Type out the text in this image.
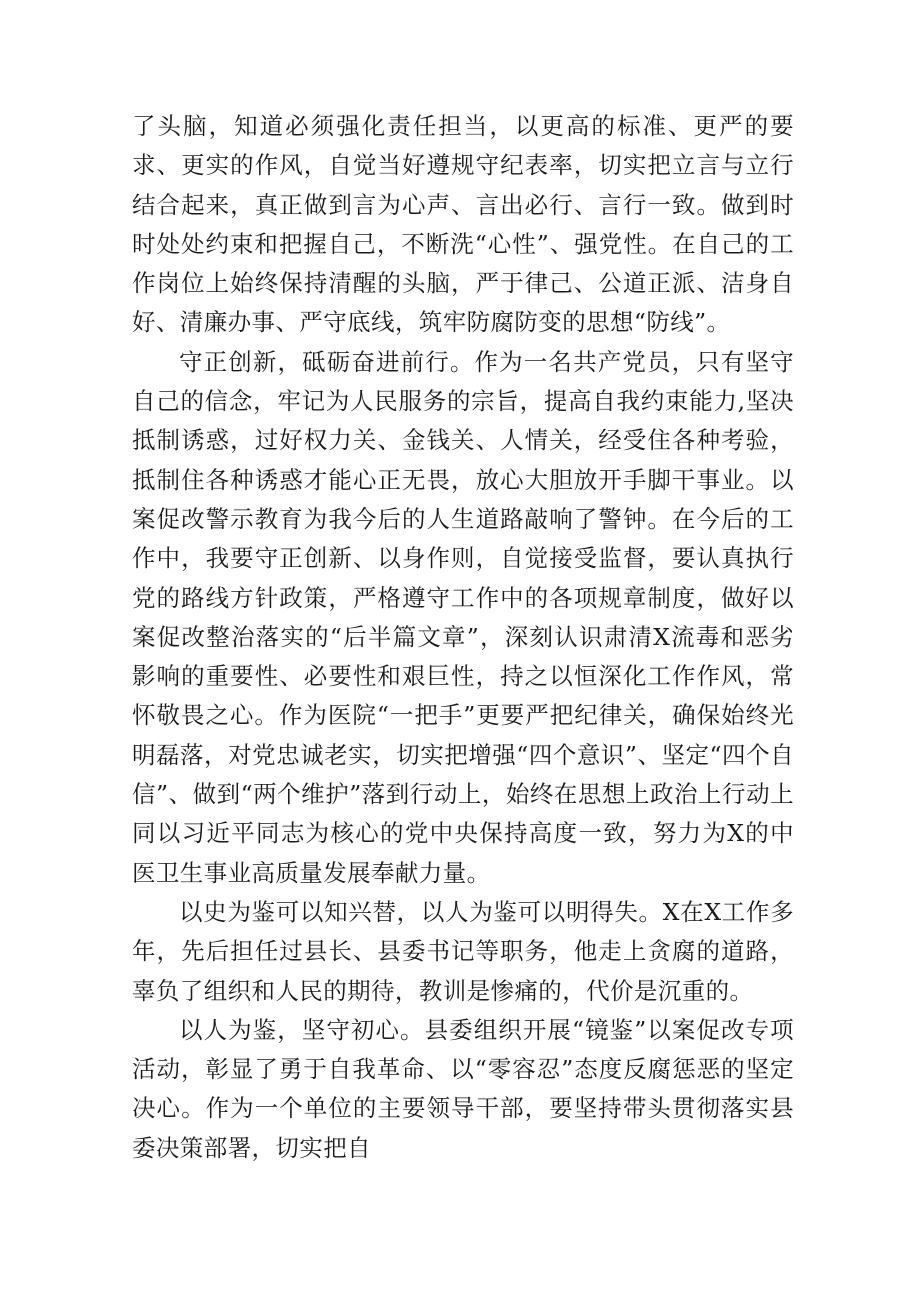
了头脑，知道必须强化责任担当，以更高的标准、更严的要求、更实的作风，自觉当好遵规守纪表率，切实把立言与立行结合起来，真正做到言为心声、言出必行、言行一致。做到时时处处约束和把握自己，不断洗“心性”、强党性。在自己的工作岗位上始终保持清醒的头脑，严于律己、公道正派、洁身自好、清廉办事、严守底线，筑牢防腐防变的思想“防线”。

守正创新，砥砺奋进前行。作为一名共产党员，只有坚守自己的信念，牢记为人民服务的宗旨，提高自我约束能力,坚决抵制诱惑，过好权力关、金钱关、人情关，经受住各种考验，抵制住各种诱惑才能心正无畏，放心大胆放开手脚干事业。以案促改警示教育为我今后的人生道路敲响了警钟。在今后的工作中，我要守正创新、以身作则，自觉接受监督，要认真执行党的路线方针政策，严格遵守工作中的各项规章制度，做好以案促改整治落实的“后半篇文章”，深刻认识肃清X流毒和恶劣影响的重要性、必要性和艰巨性，持之以恒深化工作作风，常怀敬畏之心。作为医院“一把手”更要严把纪律关，确保始终光明磊落，对党忠诚老实，切实把增强“四个意识”、坚定“四个自信”、做到“两个维护”落到行动上，始终在思想上政治上行动上同以习近平同志为核心的党中央保持高度一致，努力为X的中医卫生事业高质量发展奉献力量。

以史为鉴可以知兴替，以人为鉴可以明得失。X在X工作多年，先后担任过县长、县委书记等职务，他走上贪腐的道路，辜负了组织和人民的期待，教训是惨痛的，代价是沉重的。

以人为鉴，坚守初心。县委组织开展“镜鉴”以案促改专项活动，彰显了勇于自我革命、以“零容忍”态度反腐惩恶的坚定决心。作为一个单位的主要领导干部，要坚持带头贯彻落实县委决策部署，切实把自
